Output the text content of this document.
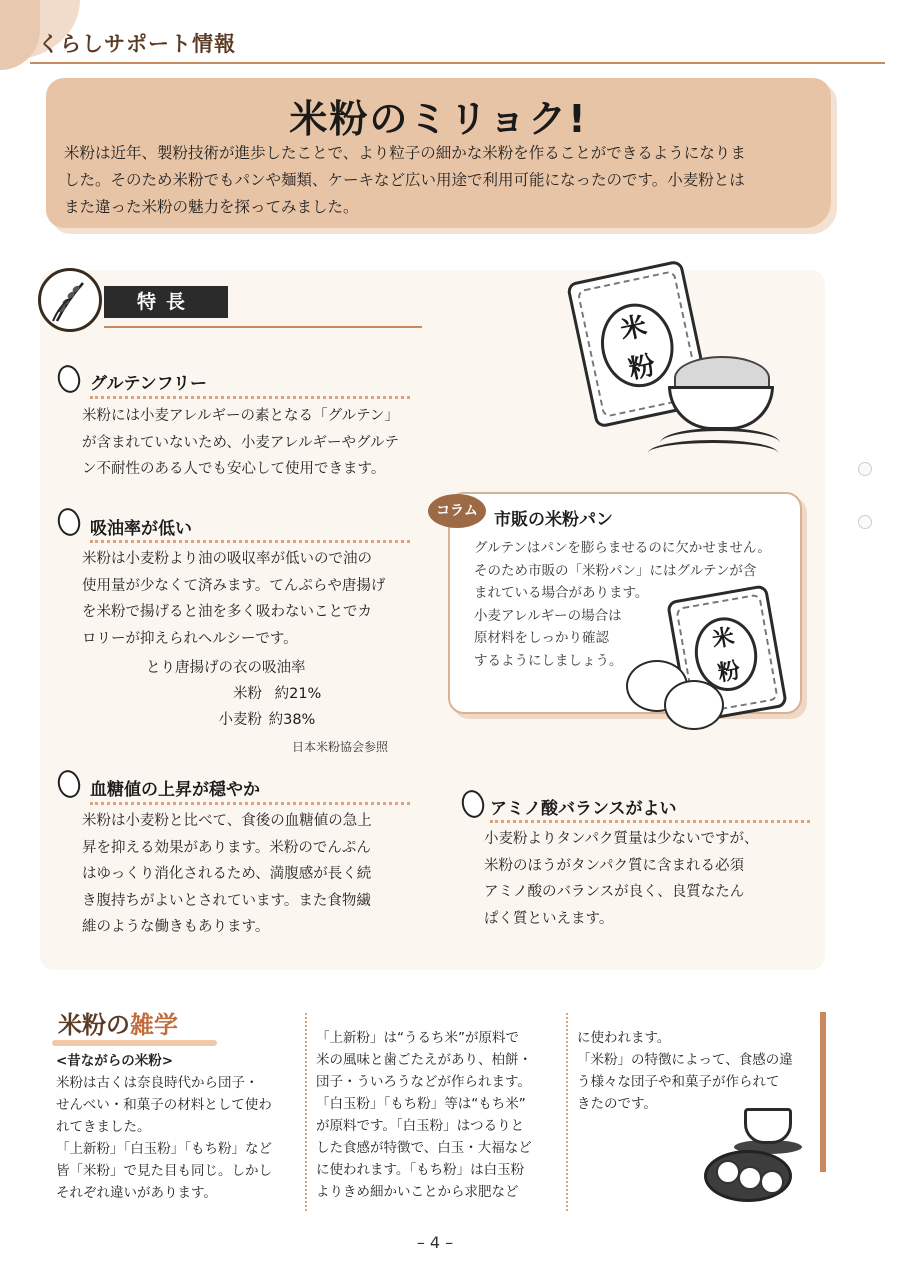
くらしサポート情報
米粉のミリョク!
米粉は近年、製粉技術が進歩したことで、より粒子の細かな米粉を作ることができるようになりま
した。そのため米粉でもパンや麺類、ケーキなど広い用途で利用可能になったのです。小麦粉とは
また違った米粉の魅力を探ってみました。
特長
グルテンフリー
米粉には小麦アレルギーの素となる「グルテン」
が含まれていないため、小麦アレルギーやグルテ
ン不耐性のある人でも安心して使用できます。
吸油率が低い
米粉は小麦粉より油の吸収率が低いので油の
使用量が少なくて済みます。てんぷらや唐揚げ
を米粉で揚げると油を多く吸わないことでカ
ロリーが抑えられヘルシーです。
とり唐揚げの衣の吸油率
米粉 約21%
小麦粉 約38%
日本米粉協会参照
血糖値の上昇が穏やか
米粉は小麦粉と比べて、食後の血糖値の急上
昇を抑える効果があります。米粉のでんぷん
はゆっくり消化されるため、満腹感が長く続
き腹持ちがよいとされています。また食物繊
維のような働きもあります。
アミノ酸バランスがよい
小麦粉よりタンパク質量は少ないですが、
米粉のほうがタンパク質に含まれる必須
アミノ酸のバランスが良く、良質なたん
ぱく質といえます。
米
粉
コラム 市販の米粉パン
グルテンはパンを膨らませるのに欠かせません。
そのため市販の「米粉パン」にはグルテンが含
まれている場合があります。
小麦アレルギーの場合は
原材料をしっかり確認
するようにしましょう。
米
粉
米粉の雑学
<昔ながらの米粉>
米粉は古くは奈良時代から団子・
せんべい・和菓子の材料として使わ
れてきました。
「上新粉」「白玉粉」「もち粉」など
皆「米粉」で見た目も同じ。しかし
それぞれ違いがあります。
「上新粉」は“うるち米”が原料で
米の風味と歯ごたえがあり、柏餅・
団子・ういろうなどが作られます。
「白玉粉」「もち粉」等は“もち米”
が原料です。「白玉粉」はつるりと
した食感が特徴で、白玉・大福など
に使われます。「もち粉」は白玉粉
よりきめ細かいことから求肥など
に使われます。
「米粉」の特徴によって、食感の違
う様々な団子や和菓子が作られて
きたのです。
– 4 –
